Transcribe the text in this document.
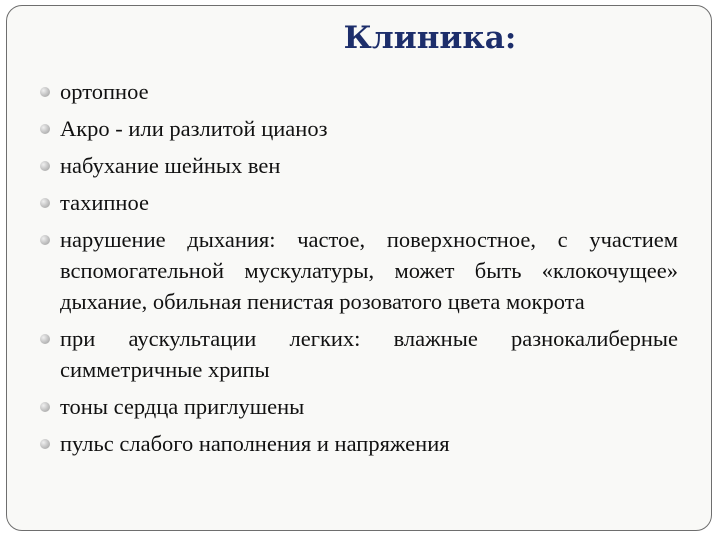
Клиника:
ортопное
Акро - или разлитой цианоз
набухание шейных вен
тахипное
нарушение дыхания: частое, поверхностное, с участием вспомогательной мускулатуры, может быть «клокочущее» дыхание, обильная пенистая розоватого цвета мокрота
при аускультации легких: влажные разнокалиберные симметричные хрипы
тоны сердца приглушены
пульс слабого наполнения и напряжения
